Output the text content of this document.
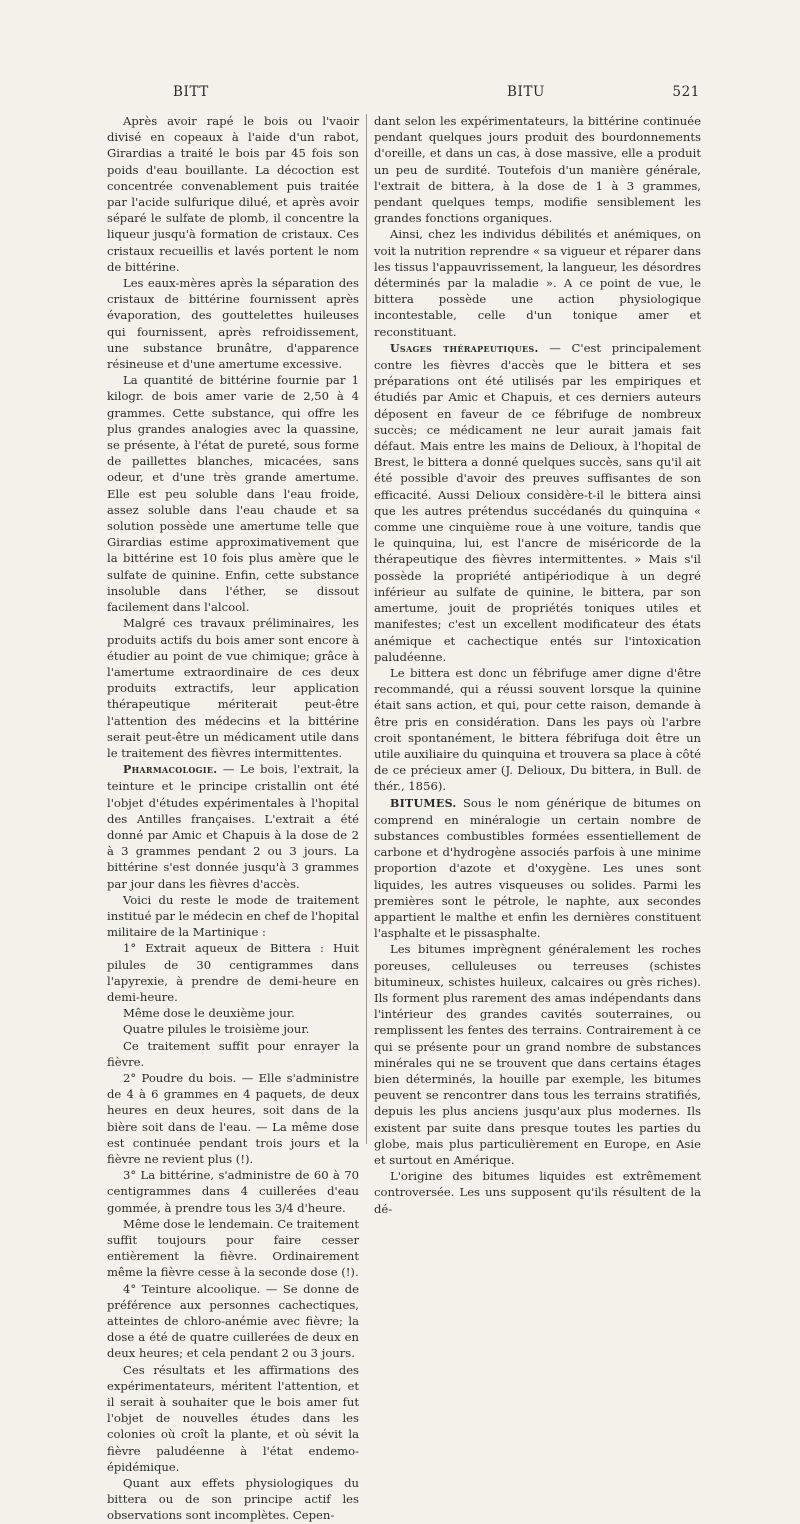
BITT	BITU	521

Après avoir rapé le bois ou l'vaoir divisé en copeaux à l'aide d'un rabot, Girardias a traité le bois par 45 fois son poids d'eau bouillante. La décoction est concentrée convenablement puis traitée par l'acide sulfurique dilué, et après avoir séparé le sulfate de plomb, il concentre la liqueur jusqu'à formation de cristaux. Ces cristaux recueillis et lavés portent le nom de bittérine.

Les eaux-mères après la séparation des cristaux de bittérine fournissent après évaporation, des gouttelettes huileuses qui fournissent, après refroidissement, une substance brunâtre, d'apparence résineuse et d'une amertume excessive.

La quantité de bittérine fournie par 1 kilogr. de bois amer varie de 2,50 à 4 grammes. Cette substance, qui offre les plus grandes analogies avec la quassine, se présente, à l'état de pureté, sous forme de paillettes blanches, micacées, sans odeur, et d'une très grande amertume. Elle est peu soluble dans l'eau froide, assez soluble dans l'eau chaude et sa solution possède une amertume telle que Girardias estime approximativement que la bittérine est 10 fois plus amère que le sulfate de quinine. Enfin, cette substance insoluble dans l'éther, se dissout facilement dans l'alcool.

Malgré ces travaux préliminaires, les produits actifs du bois amer sont encore à étudier au point de vue chimique; grâce à l'amertume extraordinaire de ces deux produits extractifs, leur application thérapeutique mériterait peut-être l'attention des médecins et la bittérine serait peut-être un médicament utile dans le traitement des fièvres intermittentes.

Pharmacologie. — Le bois, l'extrait, la teinture et le principe cristallin ont été l'objet d'études expérimentales à l'hopital des Antilles françaises. L'extrait a été donné par Amic et Chapuis à la dose de 2 à 3 grammes pendant 2 ou 3 jours. La bittérine s'est donnée jusqu'à 3 grammes par jour dans les fièvres d'accès.

Voici du reste le mode de traitement institué par le médecin en chef de l'hopital militaire de la Martinique :

1° Extrait aqueux de Bittera : Huit pilules de 30 centigrammes dans l'apyrexie, à prendre de demi-heure en demi-heure.

Même dose le deuxième jour.

Quatre pilules le troisième jour.

Ce traitement suffit pour enrayer la fièvre.

2° Poudre du bois. — Elle s'administre de 4 à 6 grammes en 4 paquets, de deux heures en deux heures, soit dans de la bière soit dans de l'eau. — La même dose est continuée pendant trois jours et la fièvre ne revient plus (!).

3° La bittérine, s'administre de 60 à 70 centigrammes dans 4 cuillerées d'eau gommée, à prendre tous les 3/4 d'heure.

Même dose le lendemain. Ce traitement suffit toujours pour faire cesser entièrement la fièvre. Ordinairement même la fièvre cesse à la seconde dose (!).

4° Teinture alcoolique. — Se donne de préférence aux personnes cachectiques, atteintes de chloro-anémie avec fièvre; la dose a été de quatre cuillerées de deux en deux heures; et cela pendant 2 ou 3 jours.

Ces résultats et les affirmations des expérimentateurs, méritent l'attention, et il serait à souhaiter que le bois amer fut l'objet de nouvelles études dans les colonies où croît la plante, et où sévit la fièvre paludéenne à l'état endemo-épidémique.

Quant aux effets physiologiques du bittera ou de son principe actif les observations sont incomplètes. Cepen-

dant selon les expérimentateurs, la bittérine continuée pendant quelques jours produit des bourdonnements d'oreille, et dans un cas, à dose massive, elle a produit un peu de surdité. Toutefois d'un manière générale, l'extrait de bittera, à la dose de 1 à 3 grammes, pendant quelques temps, modifie sensiblement les grandes fonctions organiques.

Ainsi, chez les individus débilités et anémiques, on voit la nutrition reprendre « sa vigueur et réparer dans les tissus l'appauvrissement, la langueur, les désordres déterminés par la maladie ». A ce point de vue, le bittera possède une action physiologique incontestable, celle d'un tonique amer et reconstituant.

Usages thérapeutiques. — C'est principalement contre les fièvres d'accès que le bittera et ses préparations ont été utilisés par les empiriques et étudiés par Amic et Chapuis, et ces derniers auteurs déposent en faveur de ce fébrifuge de nombreux succès; ce médicament ne leur aurait jamais fait défaut. Mais entre les mains de Delioux, à l'hopital de Brest, le bittera a donné quelques succès, sans qu'il ait été possible d'avoir des preuves suffisantes de son efficacité. Aussi Delioux considère-t-il le bittera ainsi que les autres prétendus succédanés du quinquina « comme une cinquième roue à une voiture, tandis que le quinquina, lui, est l'ancre de miséricorde de la thérapeutique des fièvres intermittentes. » Mais s'il possède la propriété antipériodique à un degré inférieur au sulfate de quinine, le bittera, par son amertume, jouit de propriétés toniques utiles et manifestes; c'est un excellent modificateur des états anémique et cachectique entés sur l'intoxication paludéenne.

Le bittera est donc un fébrifuge amer digne d'être recommandé, qui a réussi souvent lorsque la quinine était sans action, et qui, pour cette raison, demande à être pris en considération. Dans les pays où l'arbre croit spontanément, le bittera fébrifuga doit être un utile auxiliaire du quinquina et trouvera sa place à côté de ce précieux amer (J. Delioux, Du bittera, in Bull. de thér., 1856).

BITUMES. Sous le nom générique de bitumes on comprend en minéralogie un certain nombre de substances combustibles formées essentiellement de carbone et d'hydrogène associés parfois à une minime proportion d'azote et d'oxygène. Les unes sont liquides, les autres visqueuses ou solides. Parmi les premières sont le pétrole, le naphte, aux secondes appartient le malthe et enfin les dernières constituent l'asphalte et le pissasphalte.

Les bitumes imprègnent généralement les roches poreuses, celluleuses ou terreuses (schistes bitumineux, schistes huileux, calcaires ou grès riches). Ils forment plus rarement des amas indépendants dans l'intérieur des grandes cavités souterraines, ou remplissent les fentes des terrains. Contrairement à ce qui se présente pour un grand nombre de substances minérales qui ne se trouvent que dans certains étages bien déterminés, la houille par exemple, les bitumes peuvent se rencontrer dans tous les terrains stratifiés, depuis les plus anciens jusqu'aux plus modernes. Ils existent par suite dans presque toutes les parties du globe, mais plus particulièrement en Europe, en Asie et surtout en Amérique.

L'origine des bitumes liquides est extrêmement controversée. Les uns supposent qu'ils résultent de la dé-
